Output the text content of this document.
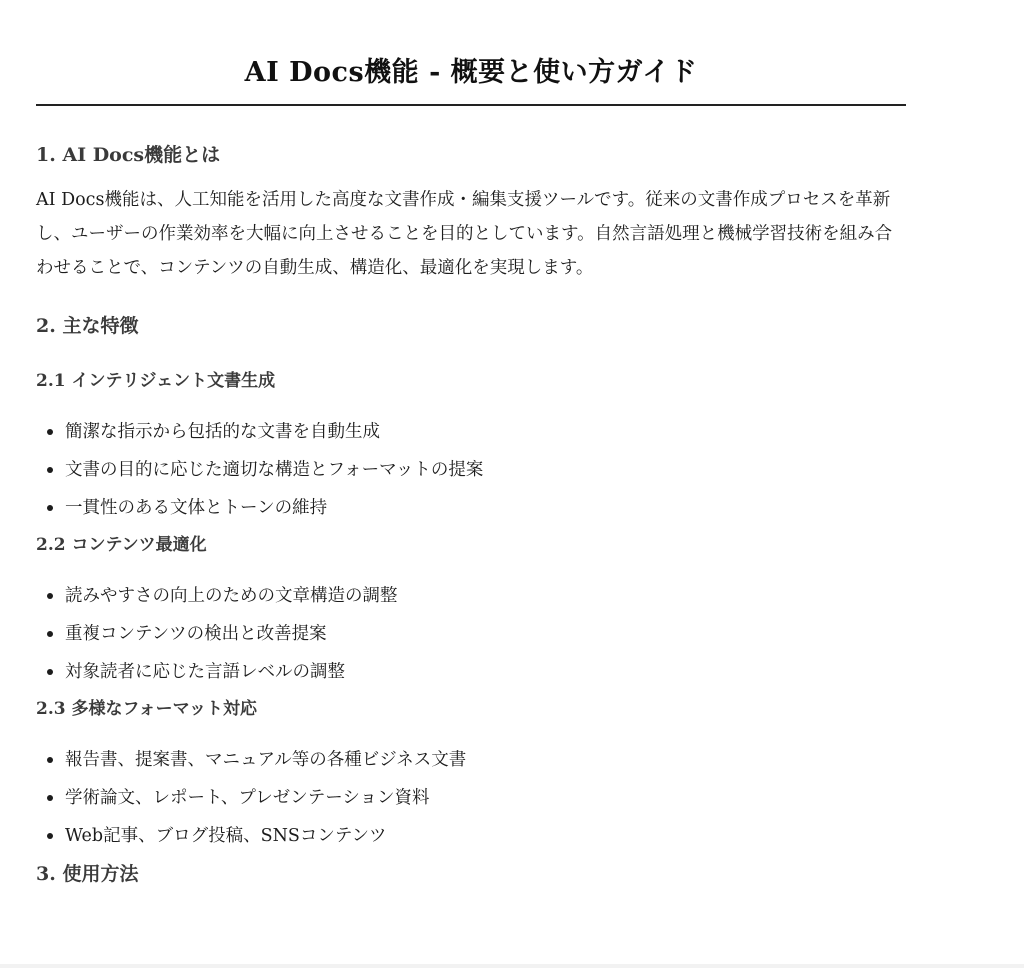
AI Docs機能 - 概要と使い方ガイド
1. AI Docs機能とは

AI Docs機能は、人工知能を活用した高度な文書作成・編集支援ツールです。従来の文書作成プロセスを革新し、ユーザーの作業効率を大幅に向上させることを目的としています。自然言語処理と機械学習技術を組み合わせることで、コンテンツの自動生成、構造化、最適化を実現します。

2. 主な特徴
2.1 インテリジェント文書生成
簡潔な指示から包括的な文書を自動生成
文書の目的に応じた適切な構造とフォーマットの提案
一貫性のある文体とトーンの維持
2.2 コンテンツ最適化
読みやすさの向上のための文章構造の調整
重複コンテンツの検出と改善提案
対象読者に応じた言語レベルの調整
2.3 多様なフォーマット対応
報告書、提案書、マニュアル等の各種ビジネス文書
学術論文、レポート、プレゼンテーション資料
Web記事、ブログ投稿、SNSコンテンツ
3. 使用方法
